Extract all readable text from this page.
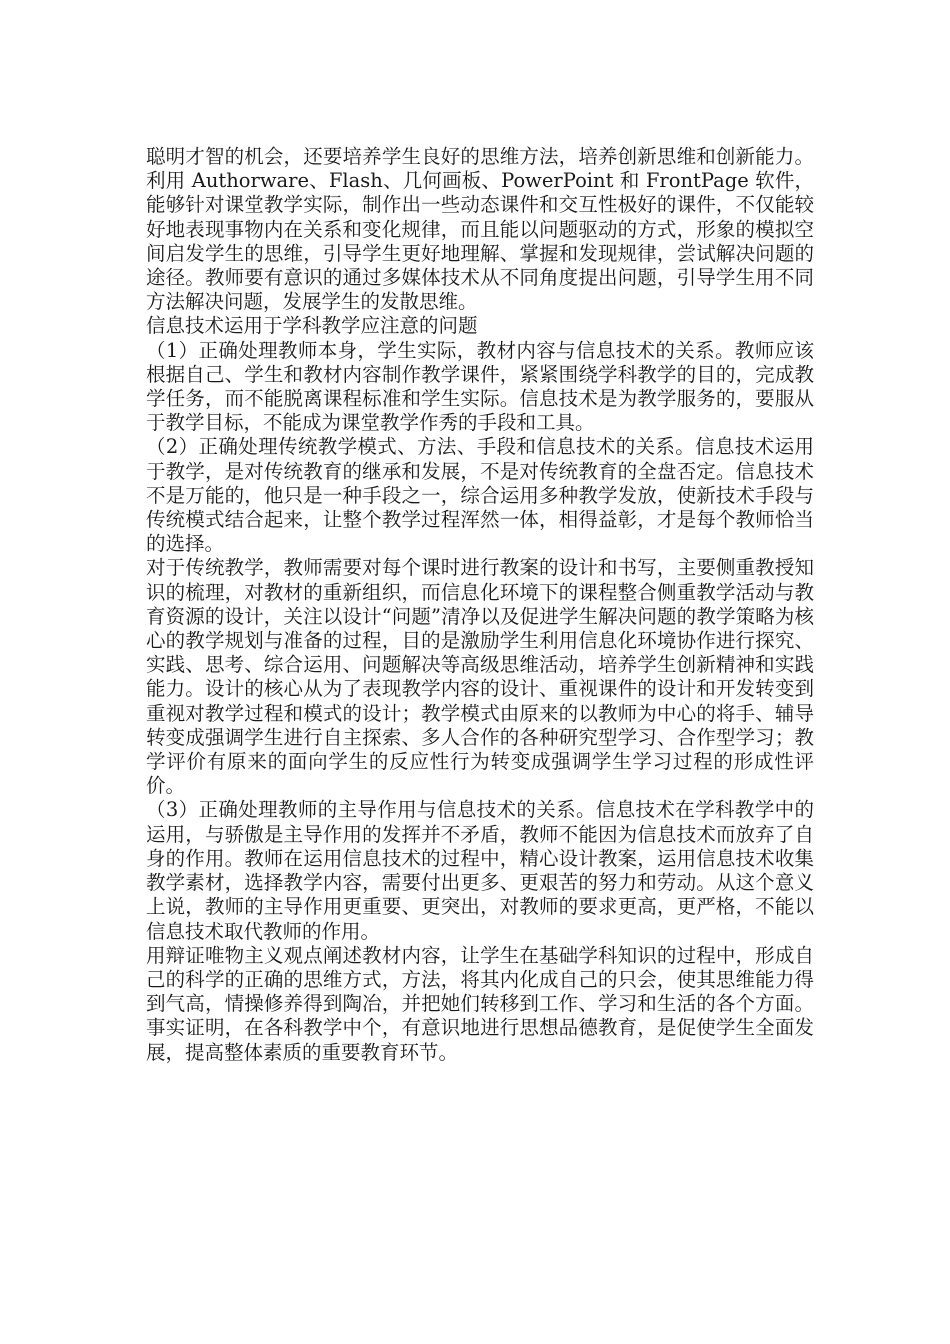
聪明才智的机会，还要培养学生良好的思维方法，培养创新思维和创新能力。利用 Authorware、Flash、几何画板、PowerPoint 和 FrontPage 软件，能够针对课堂教学实际，制作出一些动态课件和交互性极好的课件，不仅能较好地表现事物内在关系和变化规律，而且能以问题驱动的方式，形象的模拟空间启发学生的思维，引导学生更好地理解、掌握和发现规律，尝试解决问题的途径。教师要有意识的通过多媒体技术从不同角度提出问题，引导学生用不同方法解决问题，发展学生的发散思维。

信息技术运用于学科教学应注意的问题

（1）正确处理教师本身，学生实际，教材内容与信息技术的关系。教师应该根据自己、学生和教材内容制作教学课件，紧紧围绕学科教学的目的，完成教学任务，而不能脱离课程标准和学生实际。信息技术是为教学服务的，要服从于教学目标，不能成为课堂教学作秀的手段和工具。

（2）正确处理传统教学模式、方法、手段和信息技术的关系。信息技术运用于教学，是对传统教育的继承和发展，不是对传统教育的全盘否定。信息技术不是万能的，他只是一种手段之一，综合运用多种教学发放，使新技术手段与传统模式结合起来，让整个教学过程浑然一体，相得益彰，才是每个教师恰当的选择。

对于传统教学，教师需要对每个课时进行教案的设计和书写，主要侧重教授知识的梳理，对教材的重新组织，而信息化环境下的课程整合侧重教学活动与教育资源的设计，关注以设计“问题”清净以及促进学生解决问题的教学策略为核心的教学规划与准备的过程，目的是激励学生利用信息化环境协作进行探究、实践、思考、综合运用、问题解决等高级思维活动，培养学生创新精神和实践能力。设计的核心从为了表现教学内容的设计、重视课件的设计和开发转变到重视对教学过程和模式的设计；教学模式由原来的以教师为中心的将手、辅导转变成强调学生进行自主探索、多人合作的各种研究型学习、合作型学习；教学评价有原来的面向学生的反应性行为转变成强调学生学习过程的形成性评价。

（3）正确处理教师的主导作用与信息技术的关系。信息技术在学科教学中的运用，与骄傲是主导作用的发挥并不矛盾，教师不能因为信息技术而放弃了自身的作用。教师在运用信息技术的过程中，精心设计教案，运用信息技术收集教学素材，选择教学内容，需要付出更多、更艰苦的努力和劳动。从这个意义上说，教师的主导作用更重要、更突出，对教师的要求更高，更严格，不能以信息技术取代教师的作用。

用辩证唯物主义观点阐述教材内容，让学生在基础学科知识的过程中，形成自己的科学的正确的思维方式，方法，将其内化成自己的只会，使其思维能力得到气高，情操修养得到陶冶，并把她们转移到工作、学习和生活的各个方面。事实证明，在各科教学中个，有意识地进行思想品德教育，是促使学生全面发展，提高整体素质的重要教育环节。
